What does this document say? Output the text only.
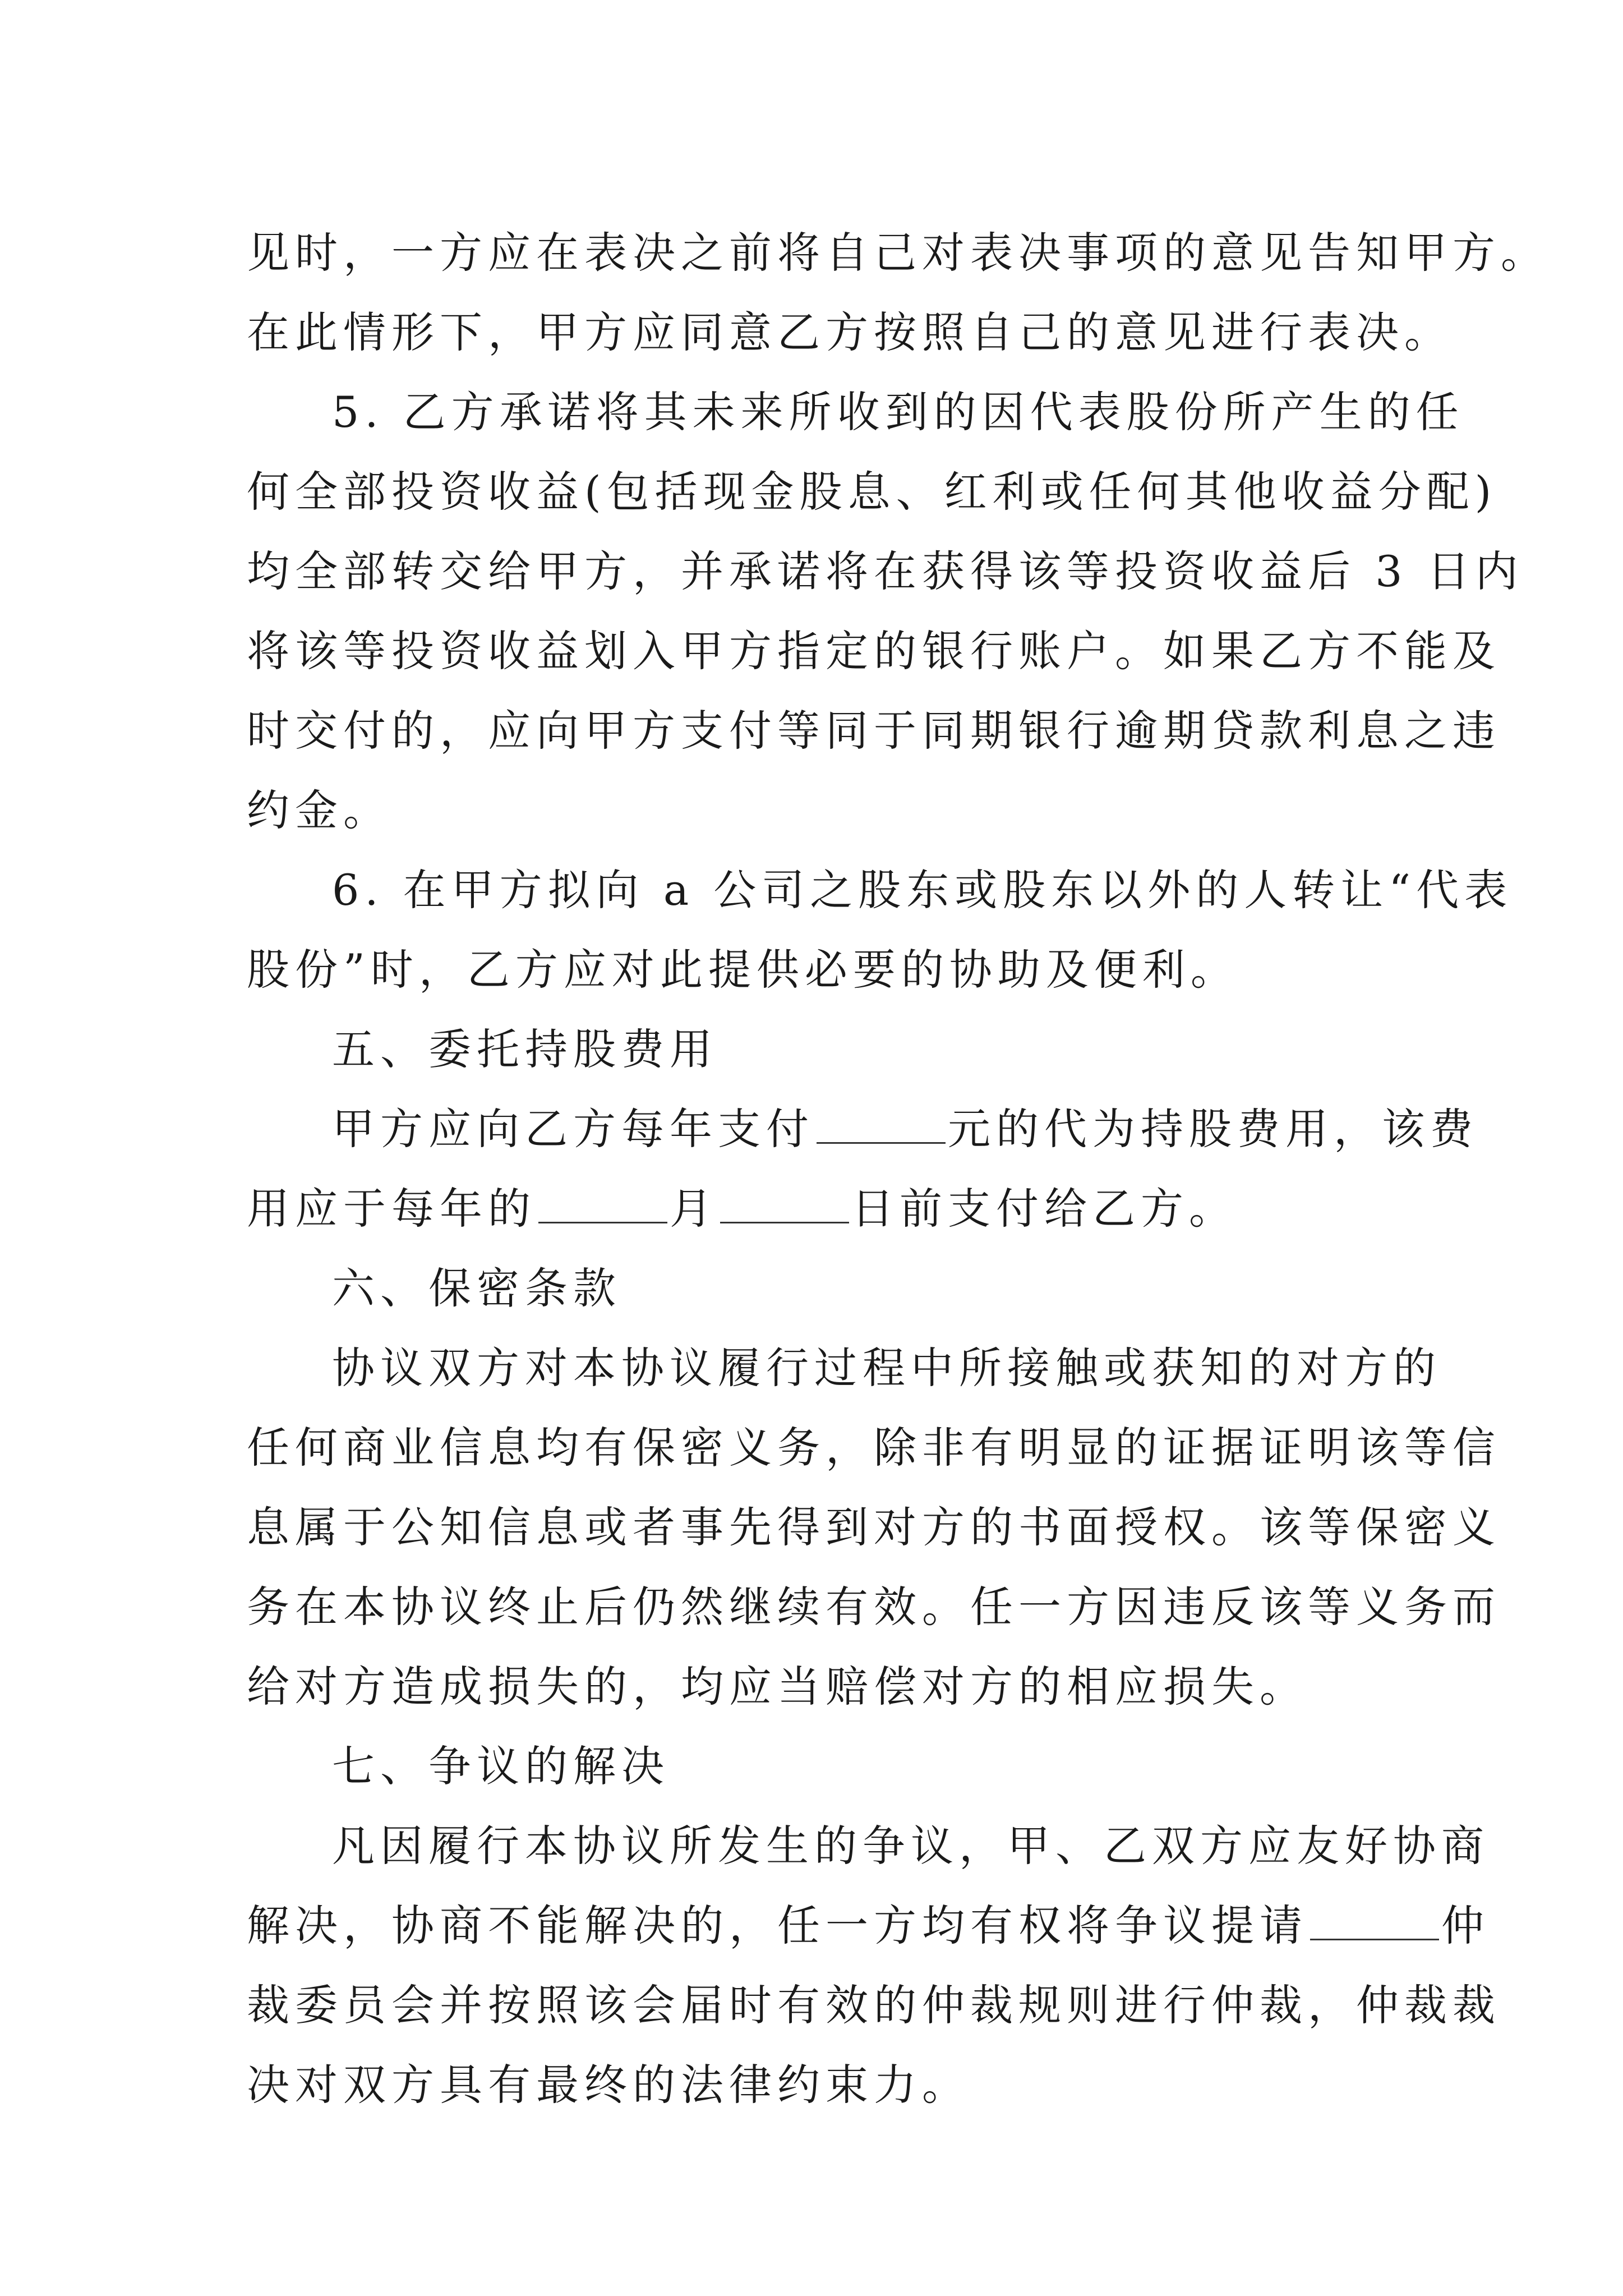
见时，一方应在表决之前将自己对表决事项的意见告知甲方。
在此情形下，甲方应同意乙方按照自己的意见进行表决。
5. 乙方承诺将其未来所收到的因代表股份所产生的任
何全部投资收益(包括现金股息、红利或任何其他收益分配)
均全部转交给甲方，并承诺将在获得该等投资收益后 3 日内
将该等投资收益划入甲方指定的银行账户。如果乙方不能及
时交付的，应向甲方支付等同于同期银行逾期贷款利息之违
约金。
6. 在甲方拟向 a 公司之股东或股东以外的人转让“代表
股份”时，乙方应对此提供必要的协助及便利。
五、委托持股费用
甲方应向乙方每年支付	元的代为持股费用，该费
用应于每年的	月	日前支付给乙方。
六、保密条款
协议双方对本协议履行过程中所接触或获知的对方的
任何商业信息均有保密义务，除非有明显的证据证明该等信
息属于公知信息或者事先得到对方的书面授权。该等保密义
务在本协议终止后仍然继续有效。任一方因违反该等义务而
给对方造成损失的，均应当赔偿对方的相应损失。
七、争议的解决
凡因履行本协议所发生的争议，甲、乙双方应友好协商
解决，协商不能解决的，任一方均有权将争议提请	仲
裁委员会并按照该会届时有效的仲裁规则进行仲裁，仲裁裁
决对双方具有最终的法律约束力。
